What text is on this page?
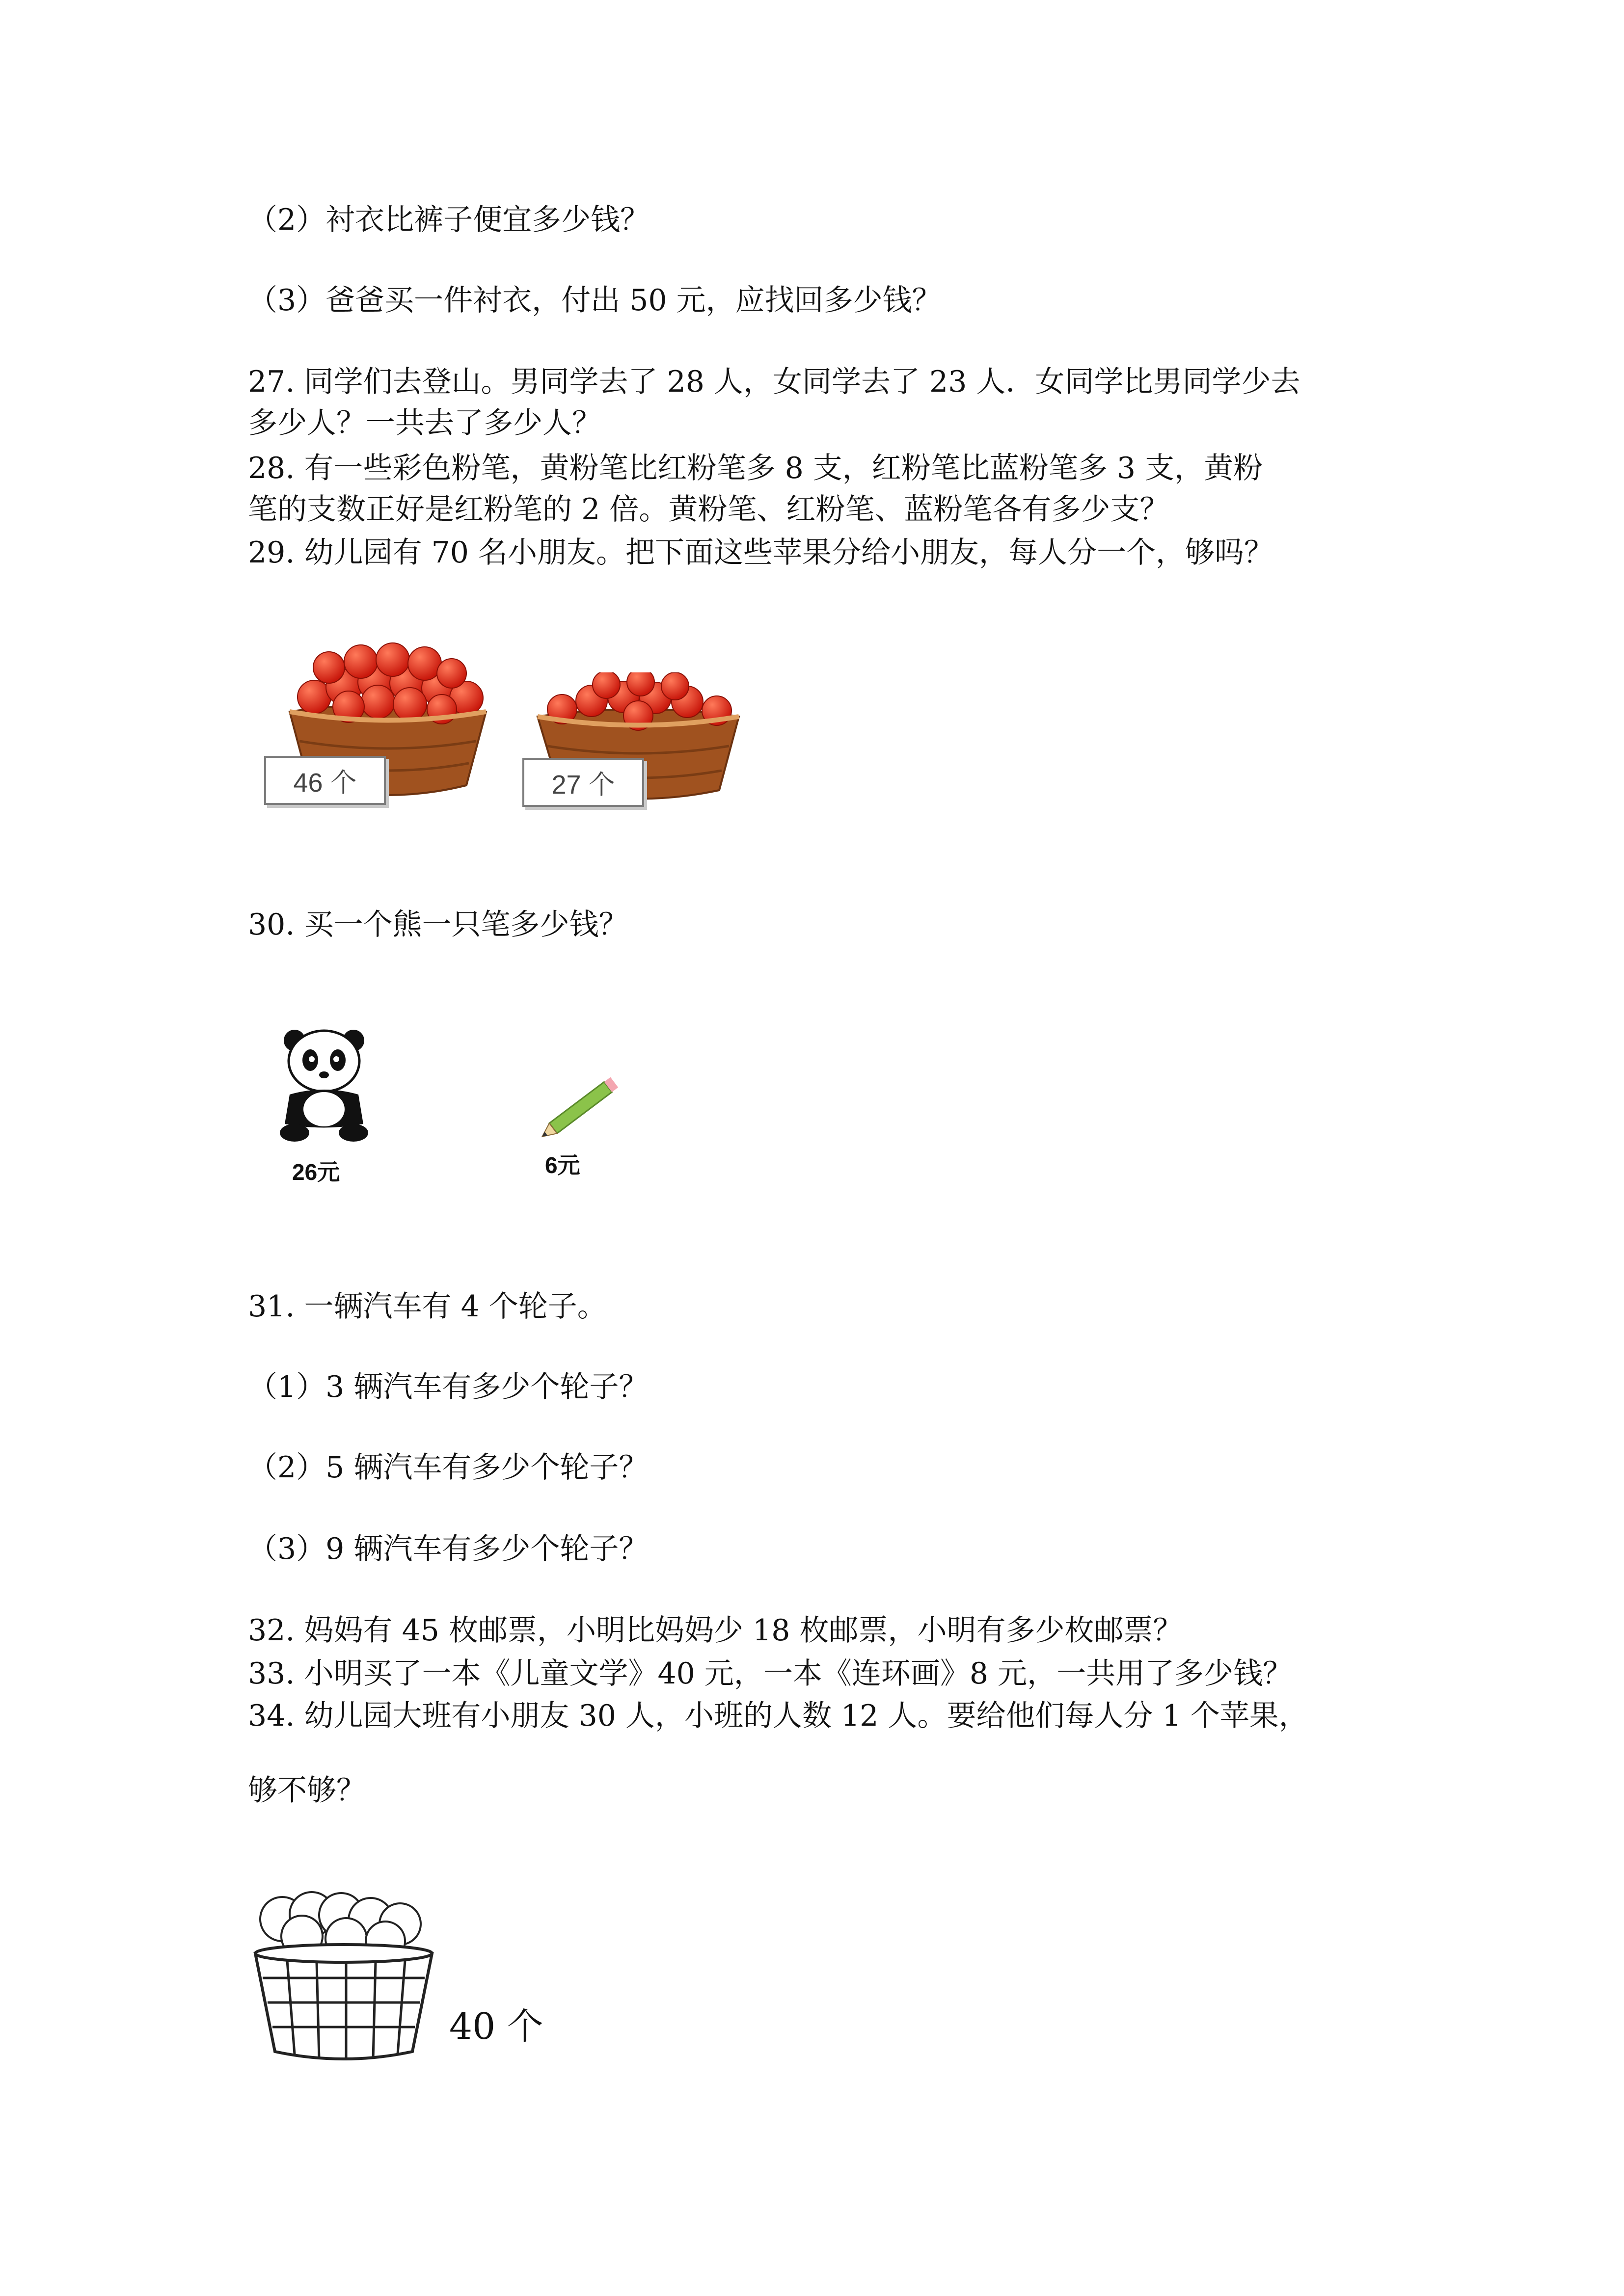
（2）衬衣比裤子便宜多少钱？
（3）爸爸买一件衬衣，付出 50 元，应找回多少钱？
27. 同学们去登山。男同学去了 28 人，女同学去了 23 人．女同学比男同学少去
多少人？一共去了多少人？
28. 有一些彩色粉笔，黄粉笔比红粉笔多 8 支，红粉笔比蓝粉笔多 3 支，黄粉
笔的支数正好是红粉笔的 2 倍。黄粉笔、红粉笔、蓝粉笔各有多少支？
29. 幼儿园有 70 名小朋友。把下面这些苹果分给小朋友，每人分一个，够吗？
30. 买一个熊一只笔多少钱？
31. 一辆汽车有 4 个轮子。
（1）3 辆汽车有多少个轮子？
（2）5 辆汽车有多少个轮子？
（3）9 辆汽车有多少个轮子？
32. 妈妈有 45 枚邮票，小明比妈妈少 18 枚邮票，小明有多少枚邮票？
33. 小明买了一本《儿童文学》40 元，一本《连环画》8 元，一共用了多少钱？
34. 幼儿园大班有小朋友 30 人，小班的人数 12 人。要给他们每人分 1 个苹果，
够不够？
46 个	27 个
26元	6元
40 个
